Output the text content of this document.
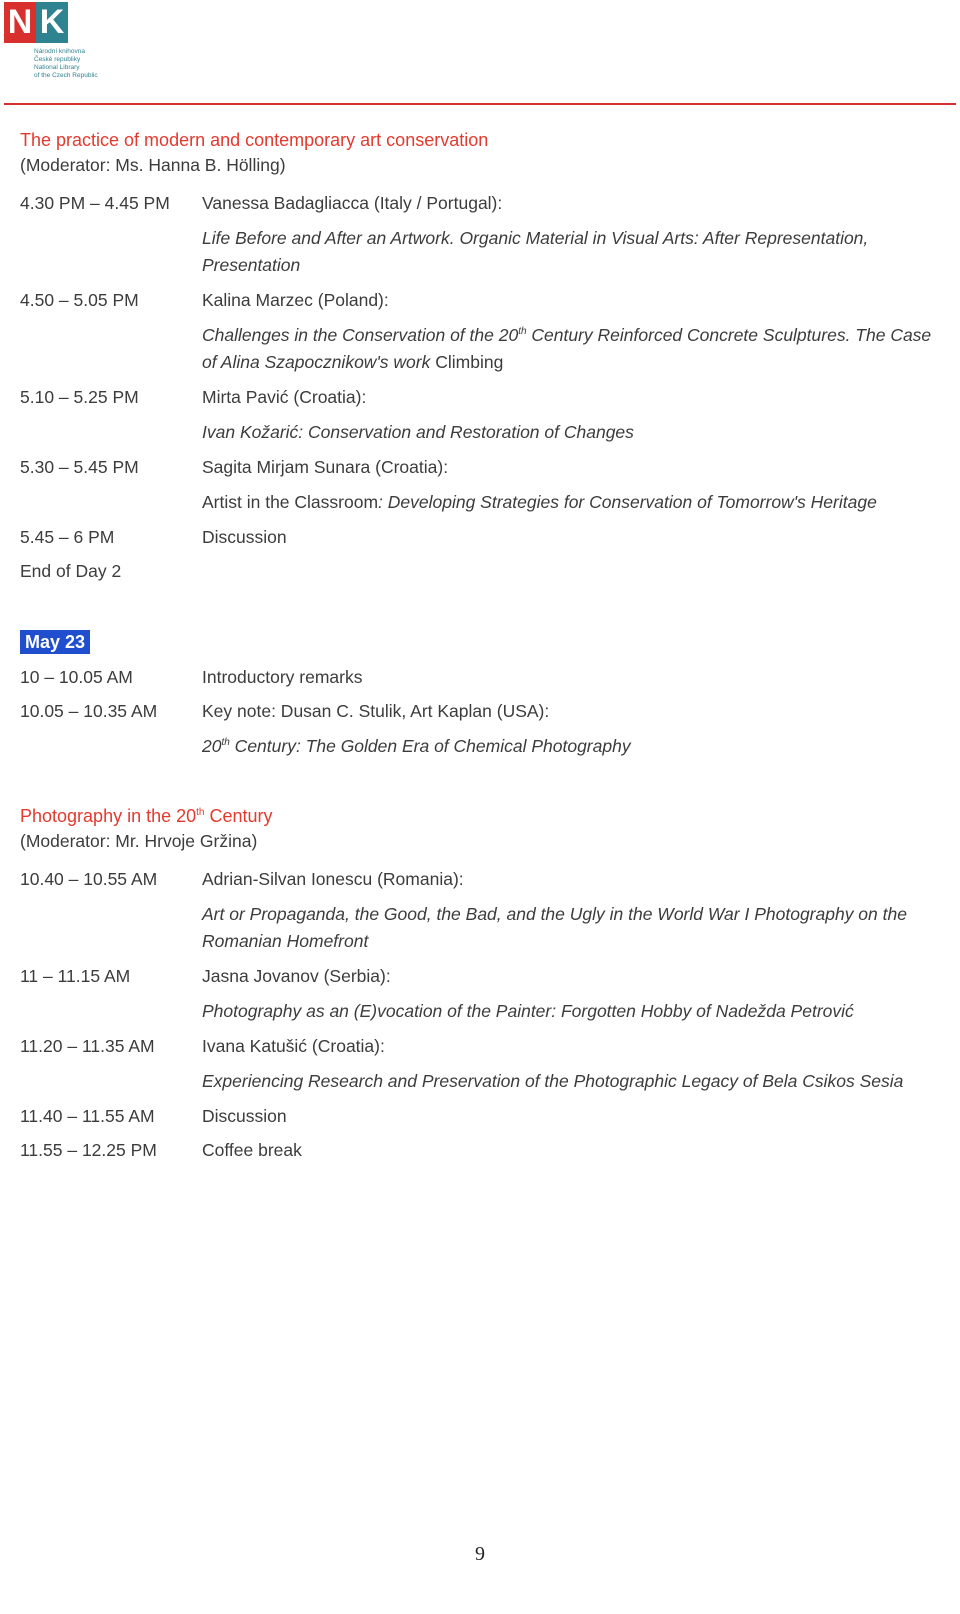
N K
Národní knihovna
České republiky
National Library
of the Czech Republic
The practice of modern and contemporary art conservation
(Moderator: Ms. Hanna B. Hölling)
4.30 PM – 4.45 PM	Vanessa Badagliacca (Italy / Portugal):
Life Before and After an Artwork. Organic Material in Visual Arts: After Representation, Presentation
4.50 – 5.05 PM	Kalina Marzec (Poland):
Challenges in the Conservation of the 20th Century Reinforced Concrete Sculptures. The Case of Alina Szapocznikow's work Climbing
5.10 – 5.25 PM	Mirta Pavić (Croatia):
Ivan Kožarić: Conservation and Restoration of Changes
5.30 – 5.45 PM	Sagita Mirjam Sunara (Croatia):
Artist in the Classroom: Developing Strategies for Conservation of Tomorrow's Heritage
5.45 – 6 PM	Discussion
End of Day 2
May 23
10 – 10.05 AM	Introductory remarks
10.05 – 10.35 AM	Key note: Dusan C. Stulik, Art Kaplan (USA):
20th Century: The Golden Era of Chemical Photography
Photography in the 20th Century
(Moderator: Mr. Hrvoje Gržina)
10.40 – 10.55 AM	Adrian-Silvan Ionescu (Romania):
Art or Propaganda, the Good, the Bad, and the Ugly in the World War I Photography on the Romanian Homefront
11 – 11.15 AM	Jasna Jovanov (Serbia):
Photography as an (E)vocation of the Painter: Forgotten Hobby of Nadežda Petrović
11.20 – 11.35 AM	Ivana Katušić (Croatia):
Experiencing Research and Preservation of the Photographic Legacy of Bela Csikos Sesia
11.40 – 11.55 AM	Discussion
11.55 – 12.25 PM	Coffee break
9
